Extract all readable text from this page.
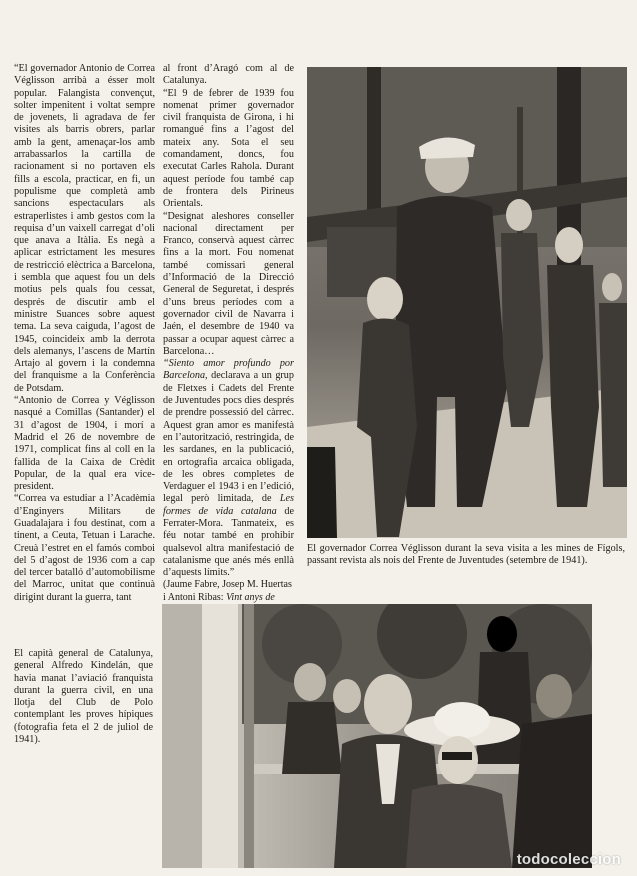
“El governador Antonio de Correa Véglisson arribà a ésser molt popular. Falangista convençut, solter impenitent i voltat sempre de jovenets, li agradava de fer visites als barris obrers, parlar amb la gent, amenaçar-los amb arrabassarlos la cartilla de racionament si no portaven els fills a escola, practicar, en fi, un populisme que completà amb sancions espectaculars als estraperlistes i amb gestos com la requisa d’un vaixell carregat d’oli que anava a Itàlia. Es negà a aplicar estrictament les mesures de restricció elèctrica a Barcelona, i sembla que aquest fou un dels motius pels quals fou cessat, després de discutir amb el ministre Suances sobre aquest tema. La seva caiguda, l’agost de 1945, coincideix amb la derrota dels alemanys, l’ascens de Martín Artajo al govern i la condemna del franquisme a la Conferència de Potsdam.

“Antonio de Correa y Véglisson nasqué a Comillas (Santander) el 31 d’agost de 1904, i morí a Madrid el 26 de novembre de 1971, complicat fins al coll en la fallida de la Caixa de Crèdit Popular, de la qual era vice-president.

“Correa va estudiar a l’Acadèmia d’Enginyers Militars de Guadalajara i fou destinat, com a tinent, a Ceuta, Tetuan i Larache. Creuà l’estret en el famós comboi del 5 d’agost de 1936 com a cap del tercer batalló d’automobilisme del Marroc, unitat que continuà dirigint durant la guerra, tant

al front d’Aragó com al de Catalunya.

“El 9 de febrer de 1939 fou nomenat primer governador civil franquista de Girona, i hi romangué fins a l’agost del mateix any. Sota el seu comandament, doncs, fou executat Carles Rahola. Durant aquest període fou també cap de frontera dels Pirineus Orientals.

“Designat aleshores conseller nacional directament per Franco, conservà aquest càrrec fins a la mort. Fou nomenat també comissari general d’Informació de la Direcció General de Seguretat, i després d’uns breus períodes com a governador civil de Navarra i Jaén, el desembre de 1940 va passar a ocupar aquest càrrec a Barcelona…

“Siento amor profundo por Barcelona, declarava a un grup de Fletxes i Cadets del Frente de Juventudes pocs dies després de prendre possessió del càrrec. Aquest gran amor es manifestà en l’autorització, restringida, de les sardanes, en la publicació, en ortografia arcaica obligada, de les obres completes de Verdaguer el 1943 i en l’edició, legal però limitada, de Les formes de vida catalana de Ferrater-Mora. Tanmateix, es féu notar també en prohibir qualsevol altra manifestació de catalanisme que anés més enllà d’aquests límits.”

(Jaume Fabre, Josep M. Huertas i Antoni Ribas: Vint anys de

El governador Correa Véglisson durant la seva visita a les mines de Fígols, passant revista als nois del Frente de Juventudes (setembre de 1941).
El capità general de Catalunya, general Alfredo Kindelán, que havia manat l’aviació franquista durant la guerra civil, en una llotja del Club de Polo contemplant les proves hípiques (fotografia feta el 2 de juliol de 1941).
todocoleccion
